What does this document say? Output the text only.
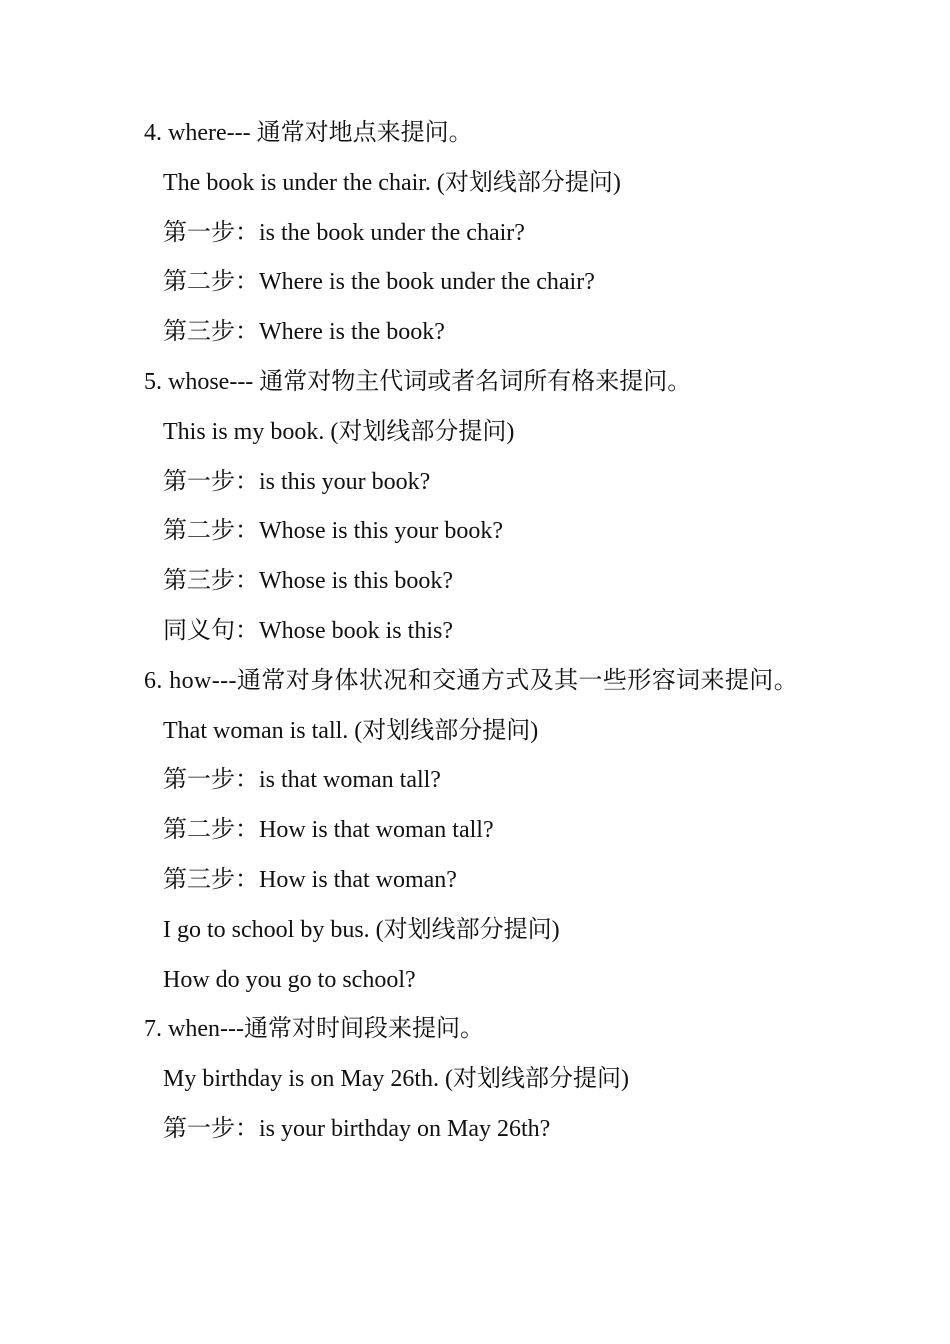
4. where--- 通常对地点来提问。
The book is under the chair. (对划线部分提问)
第一步：is the book under the chair?
第二步：Where is the book under the chair?
第三步：Where is the book?
5. whose--- 通常对物主代词或者名词所有格来提问。
This is my book. (对划线部分提问)
第一步：is this your book?
第二步：Whose is this your book?
第三步：Whose is this book?
同义句：Whose book is this?
6. how---通常对身体状况和交通方式及其一些形容词来提问。
That woman is tall. (对划线部分提问)
第一步：is that woman tall?
第二步：How is that woman tall?
第三步：How is that woman?
I go to school by bus. (对划线部分提问)
How do you go to school?
7. when---通常对时间段来提问。
My birthday is on May 26th. (对划线部分提问)
第一步：is your birthday on May 26th?
